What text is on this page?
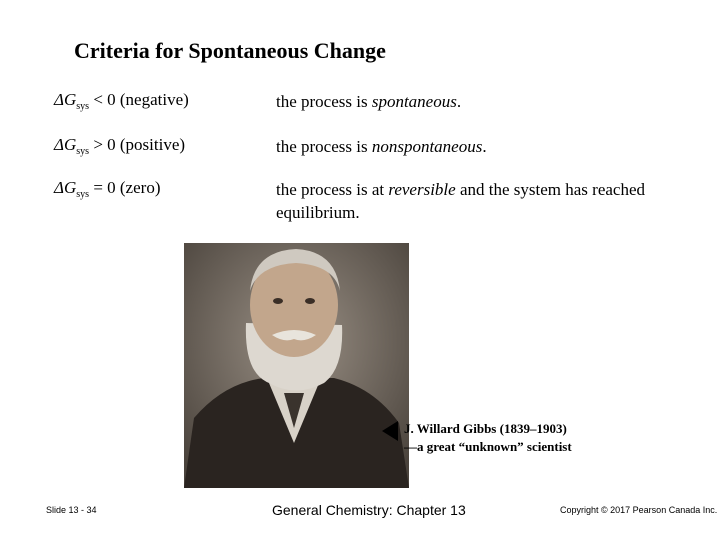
Criteria for Spontaneous Change
$\Delta G_{sys} < 0$ (negative)	the process is spontaneous.
$\Delta G_{sys} > 0$ (positive)	the process is nonspontaneous.
$\Delta G_{sys} = 0$ (zero)	the process is at reversible and the system has reached equilibrium.
J. Willard Gibbs (1839–1903)
—a great “unknown” scientist
Slide 13 - 34	General Chemistry: Chapter 13	Copyright © 2017 Pearson Canada Inc.
